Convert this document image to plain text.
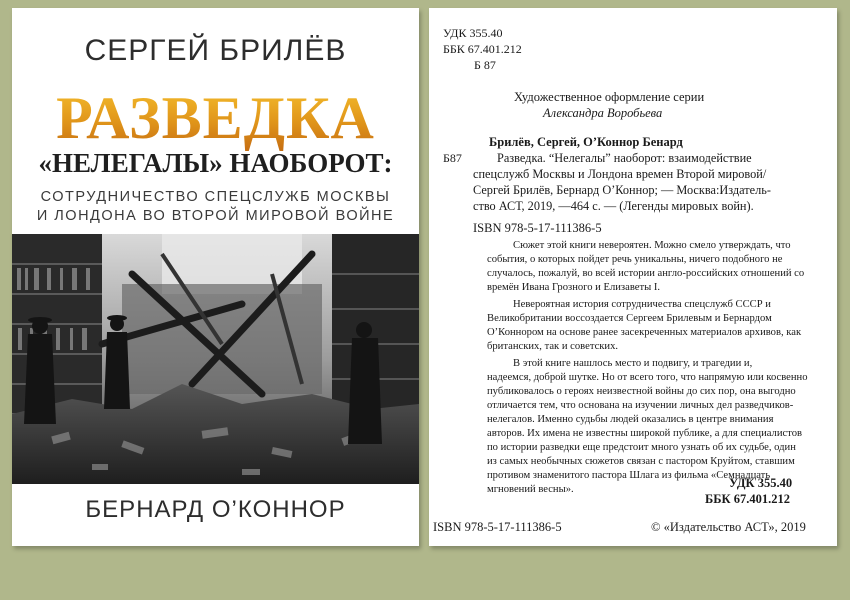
СЕРГЕЙ БРИЛЁВ
РАЗВЕДКА
«НЕЛЕГАЛЫ» НАОБОРОТ:
СОТРУДНИЧЕСТВО СПЕЦСЛУЖБ МОСКВЫ
И ЛОНДОНА ВО ВТОРОЙ МИРОВОЙ ВОЙНЕ
БЕРНАРД О’КОННОР
УДК 355.40
ББК 67.401.212
Б 87
Художественное оформление серии
Александра Воробьева
Брилёв, Сергей, О’Коннор Бенард
Б87	Разведка. “Нелегалы” наоборот: взаимодействие
спецслужб Москвы и Лондона времен Второй мировой/
Сергей Брилёв, Бернард О’Коннор; — Москва:Издатель-
ство АСТ, 2019, —464 с. — (Легенды мировых войн).
ISBN 978-5-17-111386-5
Сюжет этой книги невероятен. Можно смело утверждать, что
события, о которых пойдет речь уникальны, ничего подобного не
случалось, пожалуй, во всей истории англо-российских отношений со
времён Ивана Грозного и Елизаветы I.
Невероятная история сотрудничества спецслужб СССР и
Великобритании воссоздается Сергеем Брилевым и Бернардом
О’Коннором на основе ранее засекреченных материалов архивов, как
британских, так и советских.
В этой книге нашлось место и подвигу, и трагедии и,
надеемся, доброй шутке. Но от всего того, что напрямую или косвенно
публиковалось о героях неизвестной войны до сих пор, она выгодно
отличается тем, что основана на изучении личных дел разведчиков-
нелегалов. Именно судьбы людей оказались в центре внимания
авторов. Их имена не известны широкой публике, а для специалистов
по истории разведки еще предстоит много узнать об их судьбе, один
из самых необычных сюжетов связан с пастором Круйтом, ставшим
противом знаменитого пастора Шлага из фильма «Семнадцать
мгновений весны».	УДК 355.40
ББК 67.401.212
ISBN 978-5-17-111386-5	© «Издательство АСТ», 2019
